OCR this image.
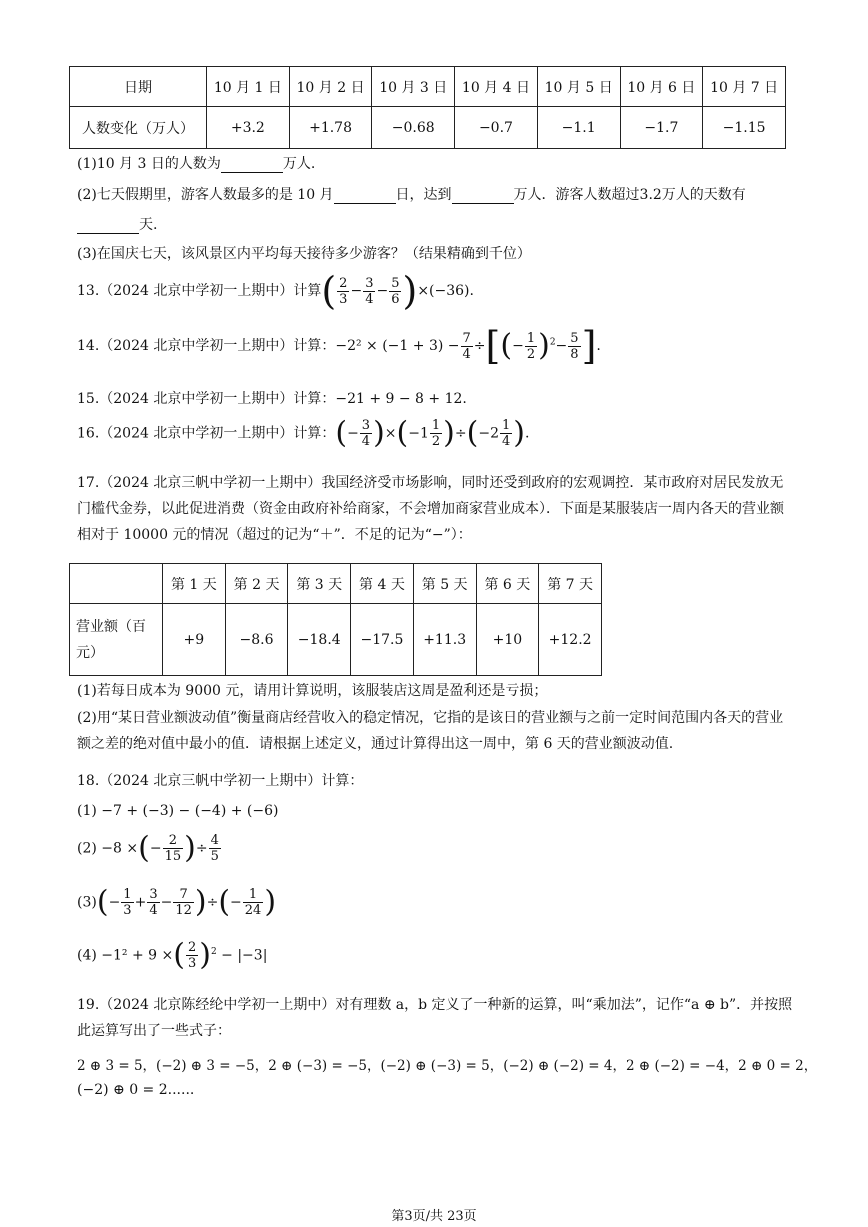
日期	10 月 1 日	10 月 2 日	10 月 3 日	10 月 4 日	10 月 5 日	10 月 6 日	10 月 7 日
人数变化（万人）	+3.2	+1.78	−0.68	−0.7	−1.1	−1.7	−1.15
(1)10 月 3 日的人数为	万人.
(2)七天假期里，游客人数最多的是 10 月	日，达到	万人．游客人数超过3.2万人的天数有
天.
(3)在国庆七天，该风景区内平均每天接待多少游客？（结果精确到千位）
13.（2024 北京中学初一上期中）计算( $\frac{2}{3} - \frac{3}{4} - \frac{5}{6} )\times(-36)$.
14.（2024 北京中学初一上期中）计算：$-2^2 \times (-1 + 3) - \frac{7}{4}$ ÷[(− $\frac{1}{2} )^2- \frac{5}{8}$ ].
15.（2024 北京中学初一上期中）计算：−21 + 9 − 8 + 12.
16.（2024 北京中学初一上期中）计算：(− $\frac{3}{4} )\times(-1 \frac{1}{2} )\div(-2 \frac{1}{4}$ ).
17.（2024 北京三帆中学初一上期中）我国经济受市场影响，同时还受到政府的宏观调控．某市政府对居民发放无门槛代金券，以此促进消费（资金由政府补给商家，不会增加商家营业成本）．下面是某服装店一周内各天的营业额相对于 10000 元的情况（超过的记为“＋”．不足的记为“−”）：
	第 1 天	第 2 天	第 3 天	第 4 天	第 5 天	第 6 天	第 7 天
营业额（百元）	+9	−8.6	−18.4	−17.5	+11.3	+10	+12.2
(1)若每日成本为 9000 元，请用计算说明，该服装店这周是盈利还是亏损；
(2)用“某日营业额波动值”衡量商店经营收入的稳定情况，它指的是该日的营业额与之前一定时间范围内各天的营业额之差的绝对值中最小的值．请根据上述定义，通过计算得出这一周中，第 6 天的营业额波动值.
18.（2024 北京三帆中学初一上期中）计算：
(1) −7 + (−3) − (−4) + (−6)
(2) −8 ×(− $\frac{2}{15}$ )÷ $\frac{4}{5}$
$(3)(- \frac{1}{3} + \frac{3}{4} - \frac{7}{12}$ )÷(− $\frac{1}{24}$ )
(4) −1² + 9 ×( $\frac{2}{3} )^2 - |-3|$
19.（2024 北京陈经纶中学初一上期中）对有理数 a，b 定义了一种新的运算，叫“乘加法”，记作“a ⊕ b”．并按照此运算写出了一些式子：
2 ⊕ 3 = 5，(−2) ⊕ 3 = −5，2 ⊕ (−3) = −5，(−2) ⊕ (−3) = 5，(−2) ⊕ (−2) = 4，2 ⊕ (−2) = −4，2 ⊕ 0 = 2，
(−2) ⊕ 0 = 2......
第3页/共 23页
